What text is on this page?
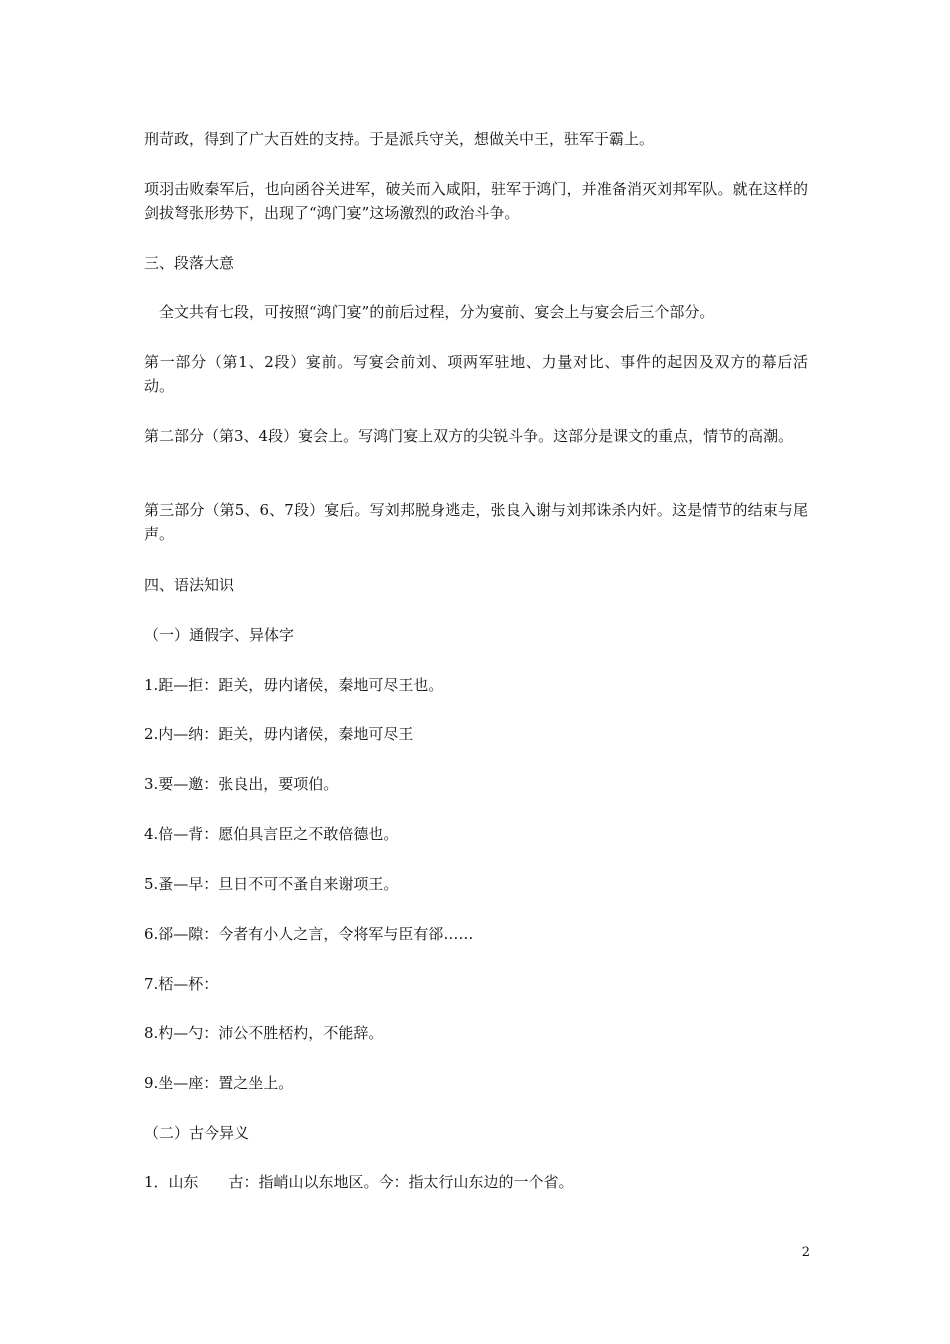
刑苛政，得到了广大百姓的支持。于是派兵守关，想做关中王，驻军于霸上。
项羽击败秦军后，也向函谷关进军，破关而入咸阳，驻军于鸿门，并准备消灭刘邦军队。就在这样的剑拔弩张形势下，出现了“鸿门宴”这场激烈的政治斗争。
三、段落大意
　全文共有七段，可按照“鸿门宴”的前后过程，分为宴前、宴会上与宴会后三个部分。
第一部分（第1、2段）宴前。写宴会前刘、项两军驻地、力量对比、事件的起因及双方的幕后活动。
第二部分（第3、4段）宴会上。写鸿门宴上双方的尖锐斗争。这部分是课文的重点，情节的高潮。
第三部分（第5、6、7段）宴后。写刘邦脱身逃走，张良入谢与刘邦诛杀内奸。这是情节的结束与尾声。
四、语法知识
（一）通假字、异体字
1.距—拒：距关，毋内诸侯，秦地可尽王也。
2.内—纳：距关，毋内诸侯，秦地可尽王
3.要—邀：张良出，要项伯。
4.倍—背：愿伯具言臣之不敢倍德也。
5.蚤—早：旦日不可不蚤自来谢项王。
6.郤—隙：今者有小人之言，令将军与臣有郤……
7.桮—杯：
8.杓—勺：沛公不胜桮杓，不能辞。
9.坐—座：置之坐上。
（二）古今异义
1．山东　　古：指峭山以东地区。今：指太行山东边的一个省。
2
